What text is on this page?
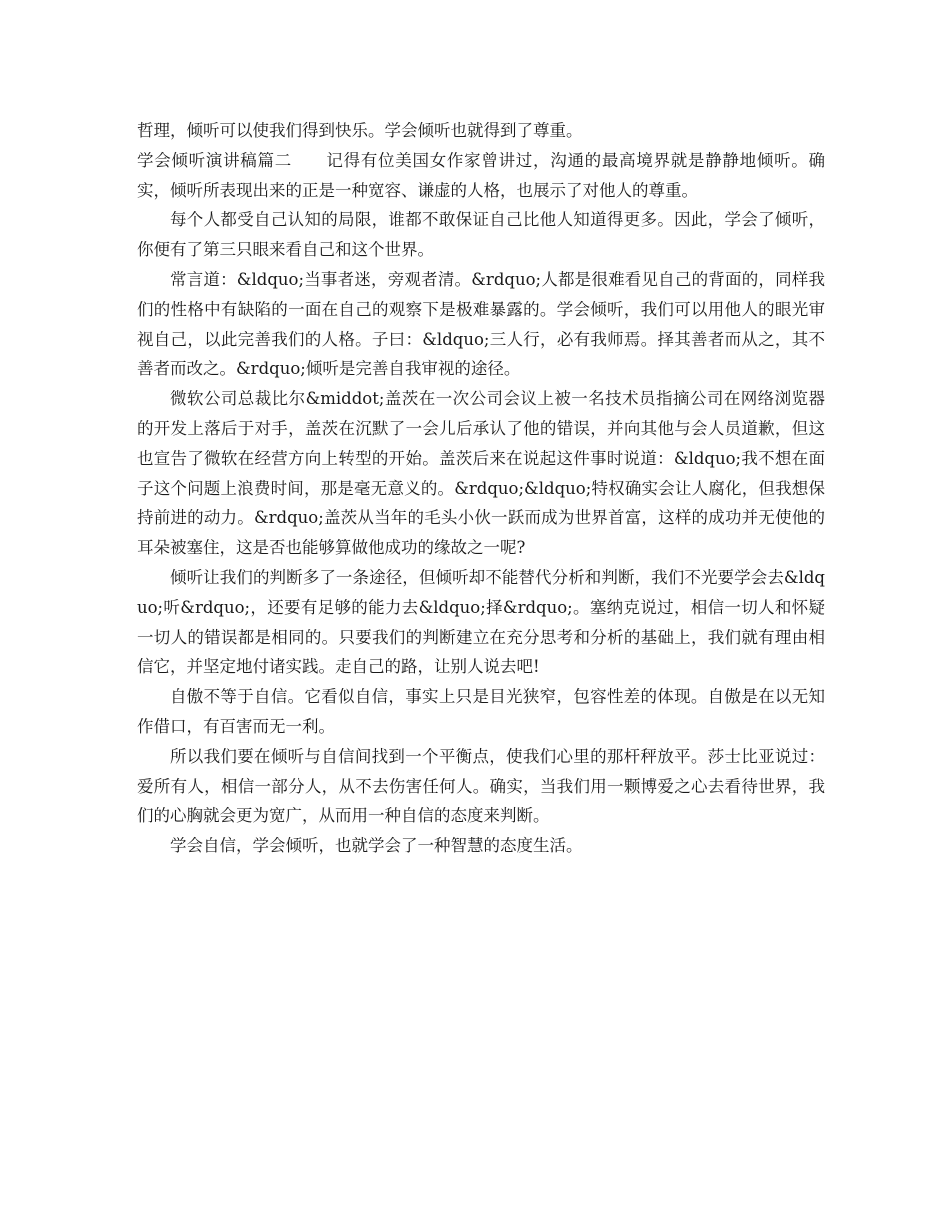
哲理，倾听可以使我们得到快乐。学会倾听也就得到了尊重。

学会倾听演讲稿篇二　　记得有位美国女作家曾讲过，沟通的最高境界就是静静地倾听。确实，倾听所表现出来的正是一种宽容、谦虚的人格，也展示了对他人的尊重。

每个人都受自己认知的局限，谁都不敢保证自己比他人知道得更多。因此，学会了倾听，你便有了第三只眼来看自己和这个世界。

常言道：&ldquo;当事者迷，旁观者清。&rdquo;人都是很难看见自己的背面的，同样我们的性格中有缺陷的一面在自己的观察下是极难暴露的。学会倾听，我们可以用他人的眼光审视自己，以此完善我们的人格。子曰：&ldquo;三人行，必有我师焉。择其善者而从之，其不善者而改之。&rdquo;倾听是完善自我审视的途径。

微软公司总裁比尔&middot;盖茨在一次公司会议上被一名技术员指摘公司在网络浏览器的开发上落后于对手，盖茨在沉默了一会儿后承认了他的错误，并向其他与会人员道歉，但这也宣告了微软在经营方向上转型的开始。盖茨后来在说起这件事时说道：&ldquo;我不想在面子这个问题上浪费时间，那是毫无意义的。&rdquo;&ldquo;特权确实会让人腐化，但我想保持前进的动力。&rdquo;盖茨从当年的毛头小伙一跃而成为世界首富，这样的成功并无使他的耳朵被塞住，这是否也能够算做他成功的缘故之一呢?

倾听让我们的判断多了一条途径，但倾听却不能替代分析和判断，我们不光要学会去&ldquo;听&rdquo;，还要有足够的能力去&ldquo;择&rdquo;。塞纳克说过，相信一切人和怀疑一切人的错误都是相同的。只要我们的判断建立在充分思考和分析的基础上，我们就有理由相信它，并坚定地付诸实践。走自己的路，让别人说去吧!

自傲不等于自信。它看似自信，事实上只是目光狭窄，包容性差的体现。自傲是在以无知作借口，有百害而无一利。

所以我们要在倾听与自信间找到一个平衡点，使我们心里的那杆秤放平。莎士比亚说过：爱所有人，相信一部分人，从不去伤害任何人。确实，当我们用一颗博爱之心去看待世界，我们的心胸就会更为宽广，从而用一种自信的态度来判断。

学会自信，学会倾听，也就学会了一种智慧的态度生活。
